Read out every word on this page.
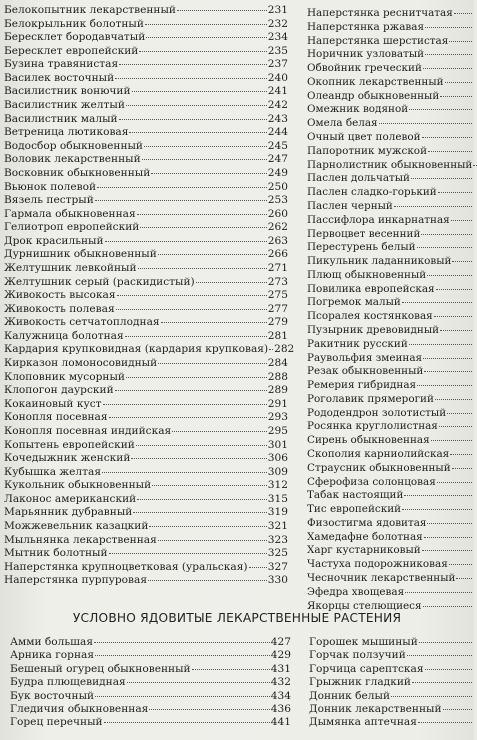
Белокопытник лекарственный	231
Белокрыльник болотный	232
Бересклет бородавчатый	234
Бересклет европейский	235
Бузина травянистая	237
Василек восточный	240
Василистник вонючий	241
Василистник желтый	242
Василистник малый	243
Ветреница лютиковая	244
Водосбор обыкновенный	245
Воловик лекарственный	247
Восковник обыкновенный	249
Вьюнок полевой	250
Вязель пестрый	253
Гармала обыкновенная	260
Гелиотроп европейский	262
Дрок красильный	263
Дурнишник обыкновенный	266
Желтушник левкойный	271
Желтушник серый (раскидистый)	273
Живокость высокая	275
Живокость полевая	277
Живокость сетчатоплодная	279
Калужница болотная	281
Кардария крупковидная (кардария крупковая) 282
Кирказон ломоносовидный	284
Клоповник мусорный	288
Клопогон даурский	289
Кокаиновый куст	291
Конопля посевная	293
Конопля посевная индийская	295
Копытень европейский	301
Кочедыжник женский	306
Кубышка желтая	309
Кукольник обыкновенный	312
Лаконос американский	315
Марьянник дубравный	319
Можжевельник казацкий	321
Мыльнянка лекарственная	323
Мытник болотный	325
Наперстянка крупноцветковая (уральская) 327
Наперстянка пурпуровая	330
Наперстянка реснитчатая
Наперстянка ржавая
Наперстянка шерстистая
Норичник узловатый
Обвойник греческий
Окопник лекарственный
Олеандр обыкновенный
Омежник водяной
Омела белая
Очный цвет полевой
Папоротник мужской
Парнолистник обыкновенный
Паслен дольчатый
Паслен сладко-горький
Паслен черный
Пассифлора инкарнатная
Первоцвет весенний
Перестурень белый
Пикульник ладанниковый
Плющ обыкновенный
Повилика европейская
Погремок малый
Псоралея костянковая
Пузырник древовидный
Ракитник русский
Раувольфия змеиная
Резак обыкновенный
Ремерия гибридная
Роголавик прямерогий
Рододендрон золотистый
Росянка круглолистная
Сирень обыкновенная
Скополия карниолийская
Страусник обыкновенный
Сферофиза солонцовая
Табак настоящий
Тис европейский
Физостигма ядовитая
Хамедафне болотная
Харг кустарниковый
Частуха подорожниковая
Чесночник лекарственный
Эфедра хвощевая
Якорцы стелющиеся
УСЛОВНО ЯДОВИТЫЕ ЛЕКАРСТВЕННЫЕ РАСТЕНИЯ
Амми большая	427
Арника горная	429
Бешеный огурец обыкновенный	431
Будра плющевидная	432
Бук восточный	434
Гледичия обыкновенная	436
Горец перечный	441
Горошек мышиный
Горчак ползучий
Горчица сарептская
Грыжник гладкий
Донник белый
Донник лекарственный
Дымянка аптечная
